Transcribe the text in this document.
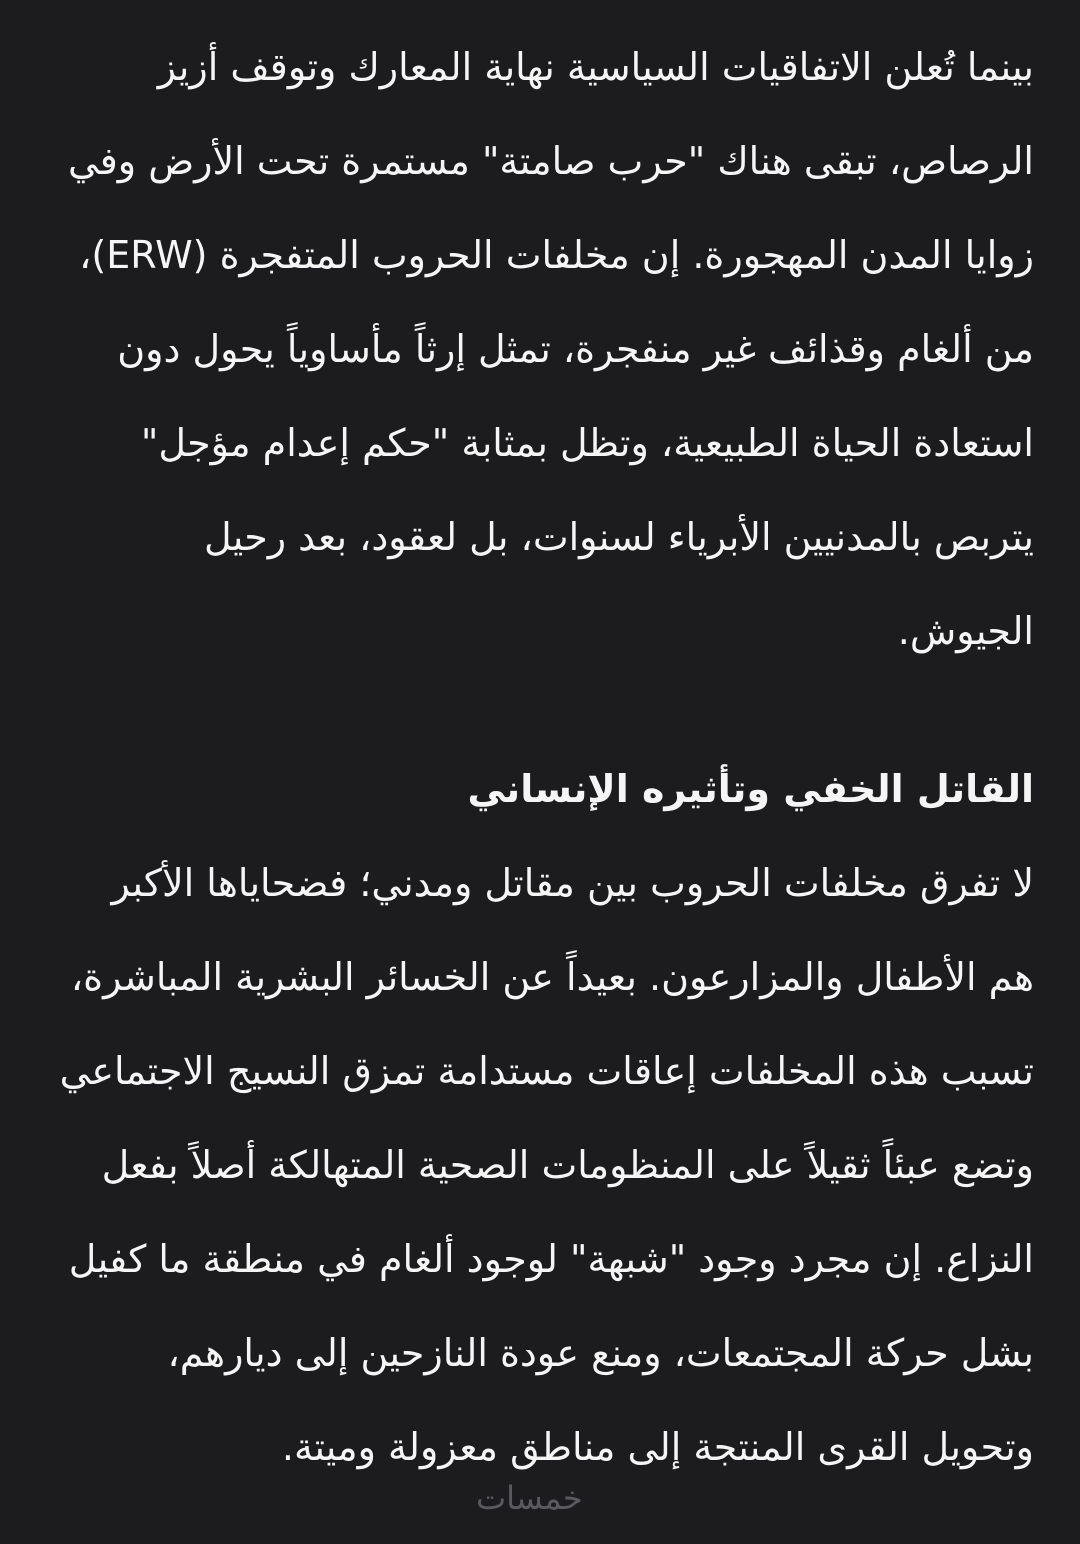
بينما تُعلن الاتفاقيات السياسية نهاية المعارك وتوقف أزيز
الرصاص، تبقى هناك "حرب صامتة" مستمرة تحت الأرض وفي
زوايا المدن المهجورة. إن مخلفات الحروب المتفجرة (ERW)،
من ألغام وقذائف غير منفجرة، تمثل إرثاً مأساوياً يحول دون
استعادة الحياة الطبيعية، وتظل بمثابة "حكم إعدام مؤجل"
يتربص بالمدنيين الأبرياء لسنوات، بل لعقود، بعد رحيل
الجيوش.

القاتل الخفي وتأثيره الإنساني

لا تفرق مخلفات الحروب بين مقاتل ومدني؛ فضحاياها الأكبر
هم الأطفال والمزارعون. بعيداً عن الخسائر البشرية المباشرة،
تسبب هذه المخلفات إعاقات مستدامة تمزق النسيج الاجتماعي
وتضع عبئاً ثقيلاً على المنظومات الصحية المتهالكة أصلاً بفعل
النزاع. إن مجرد وجود "شبهة" لوجود ألغام في منطقة ما كفيل
بشل حركة المجتمعات، ومنع عودة النازحين إلى ديارهم،
وتحويل القرى المنتجة إلى مناطق معزولة وميتة.

خمسات
